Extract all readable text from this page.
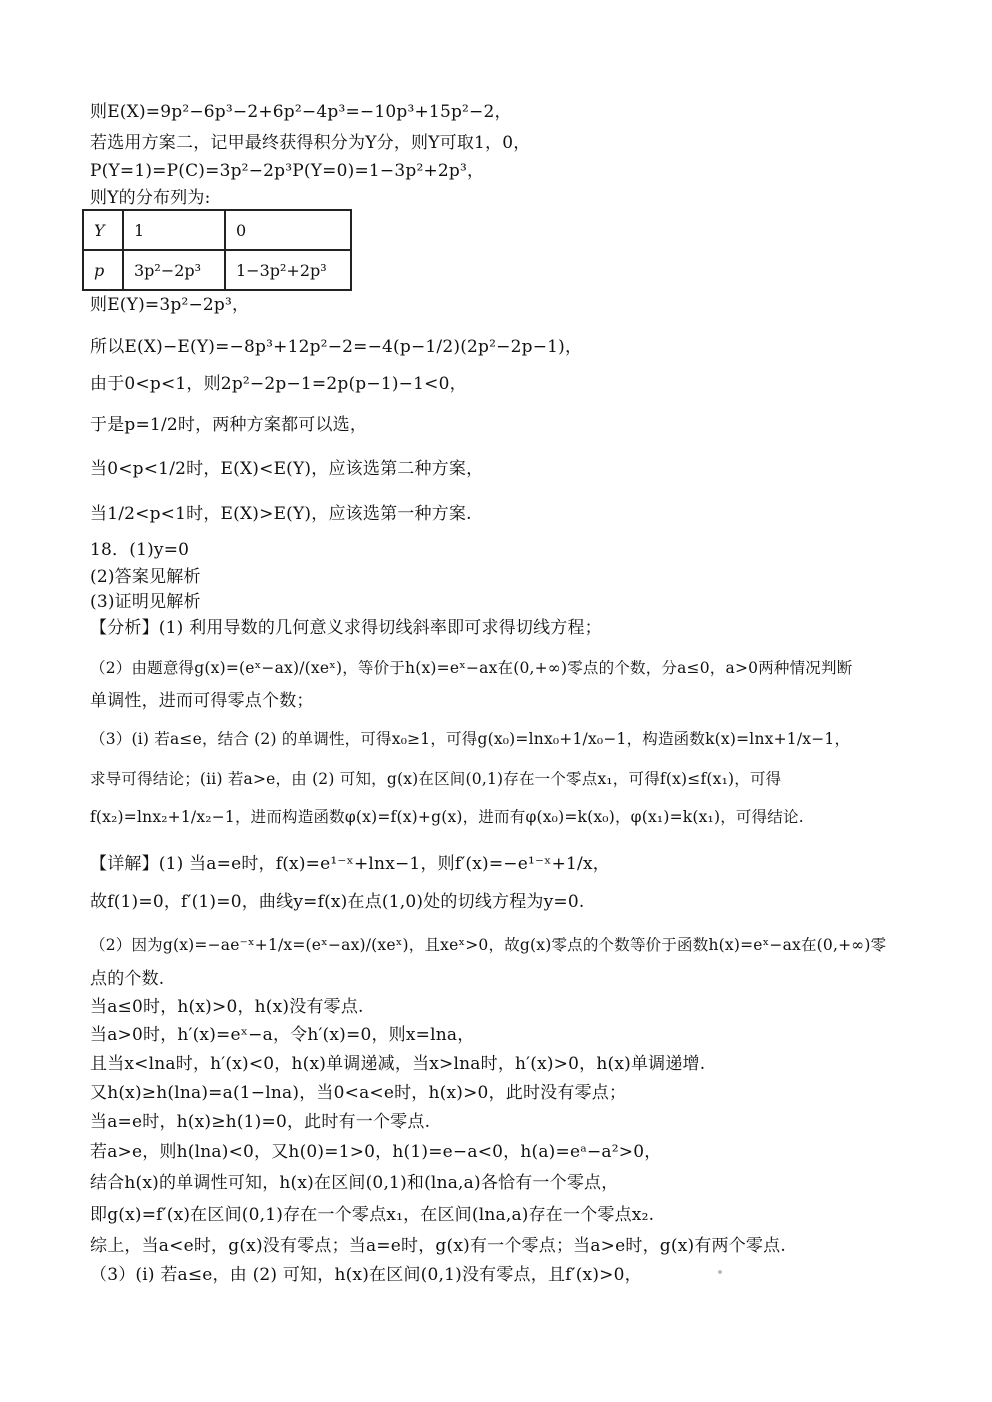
则E(X)=9p²−6p³−2+6p²−4p³=−10p³+15p²−2，
若选用方案二，记甲最终获得积分为Y分，则Y可取1，0，
P(Y=1)=P(C)=3p²−2p³P(Y=0)=1−3p²+2p³，
则Y的分布列为:
Y	1	0
p	3p²−2p³	1−3p²+2p³
则E(Y)=3p²−2p³，
所以E(X)−E(Y)=−8p³+12p²−2=−4(p−1/2)(2p²−2p−1)，
由于0<p<1，则2p²−2p−1=2p(p−1)−1<0，
于是p=1/2时，两种方案都可以选，
当0<p<1/2时，E(X)<E(Y)，应该选第二种方案，
当1/2<p<1时，E(X)>E(Y)，应该选第一种方案.
18．(1)y=0
(2)答案见解析
(3)证明见解析
【分析】(1) 利用导数的几何意义求得切线斜率即可求得切线方程；
（2）由题意得g(x)=(eˣ−ax)/(xeˣ)，等价于h(x)=eˣ−ax在(0,+∞)零点的个数，分a≤0，a>0两种情况判断
单调性，进而可得零点个数；
（3）(i) 若a≤e，结合 (2) 的单调性，可得x₀≥1，可得g(x₀)=lnx₀+1/x₀−1，构造函数k(x)=lnx+1/x−1，
求导可得结论；(ii) 若a>e，由 (2) 可知，g(x)在区间(0,1)存在一个零点x₁，可得f(x)≤f(x₁)，可得
f(x₂)=lnx₂+1/x₂−1，进而构造函数φ(x)=f(x)+g(x)，进而有φ(x₀)=k(x₀)，φ(x₁)=k(x₁)，可得结论.
【详解】(1) 当a=e时，f(x)=e¹⁻ˣ+lnx−1，则f′(x)=−e¹⁻ˣ+1/x，
故f(1)=0，f′(1)=0，曲线y=f(x)在点(1,0)处的切线方程为y=0.
（2）因为g(x)=−ae⁻ˣ+1/x=(eˣ−ax)/(xeˣ)，且xeˣ>0，故g(x)零点的个数等价于函数h(x)=eˣ−ax在(0,+∞)零
点的个数.
当a≤0时，h(x)>0，h(x)没有零点.
当a>0时，h′(x)=eˣ−a，令h′(x)=0，则x=lna，
且当x<lna时，h′(x)<0，h(x)单调递减，当x>lna时，h′(x)>0，h(x)单调递增.
又h(x)≥h(lna)=a(1−lna)，当0<a<e时，h(x)>0，此时没有零点；
当a=e时，h(x)≥h(1)=0，此时有一个零点.
若a>e，则h(lna)<0，又h(0)=1>0，h(1)=e−a<0，h(a)=eᵃ−a²>0，
结合h(x)的单调性可知，h(x)在区间(0,1)和(lna,a)各恰有一个零点，
即g(x)=f′(x)在区间(0,1)存在一个零点x₁，在区间(lna,a)存在一个零点x₂.
综上，当a<e时，g(x)没有零点；当a=e时，g(x)有一个零点；当a>e时，g(x)有两个零点.
（3）(i) 若a≤e，由 (2) 可知，h(x)在区间(0,1)没有零点，且f′(x)>0，
